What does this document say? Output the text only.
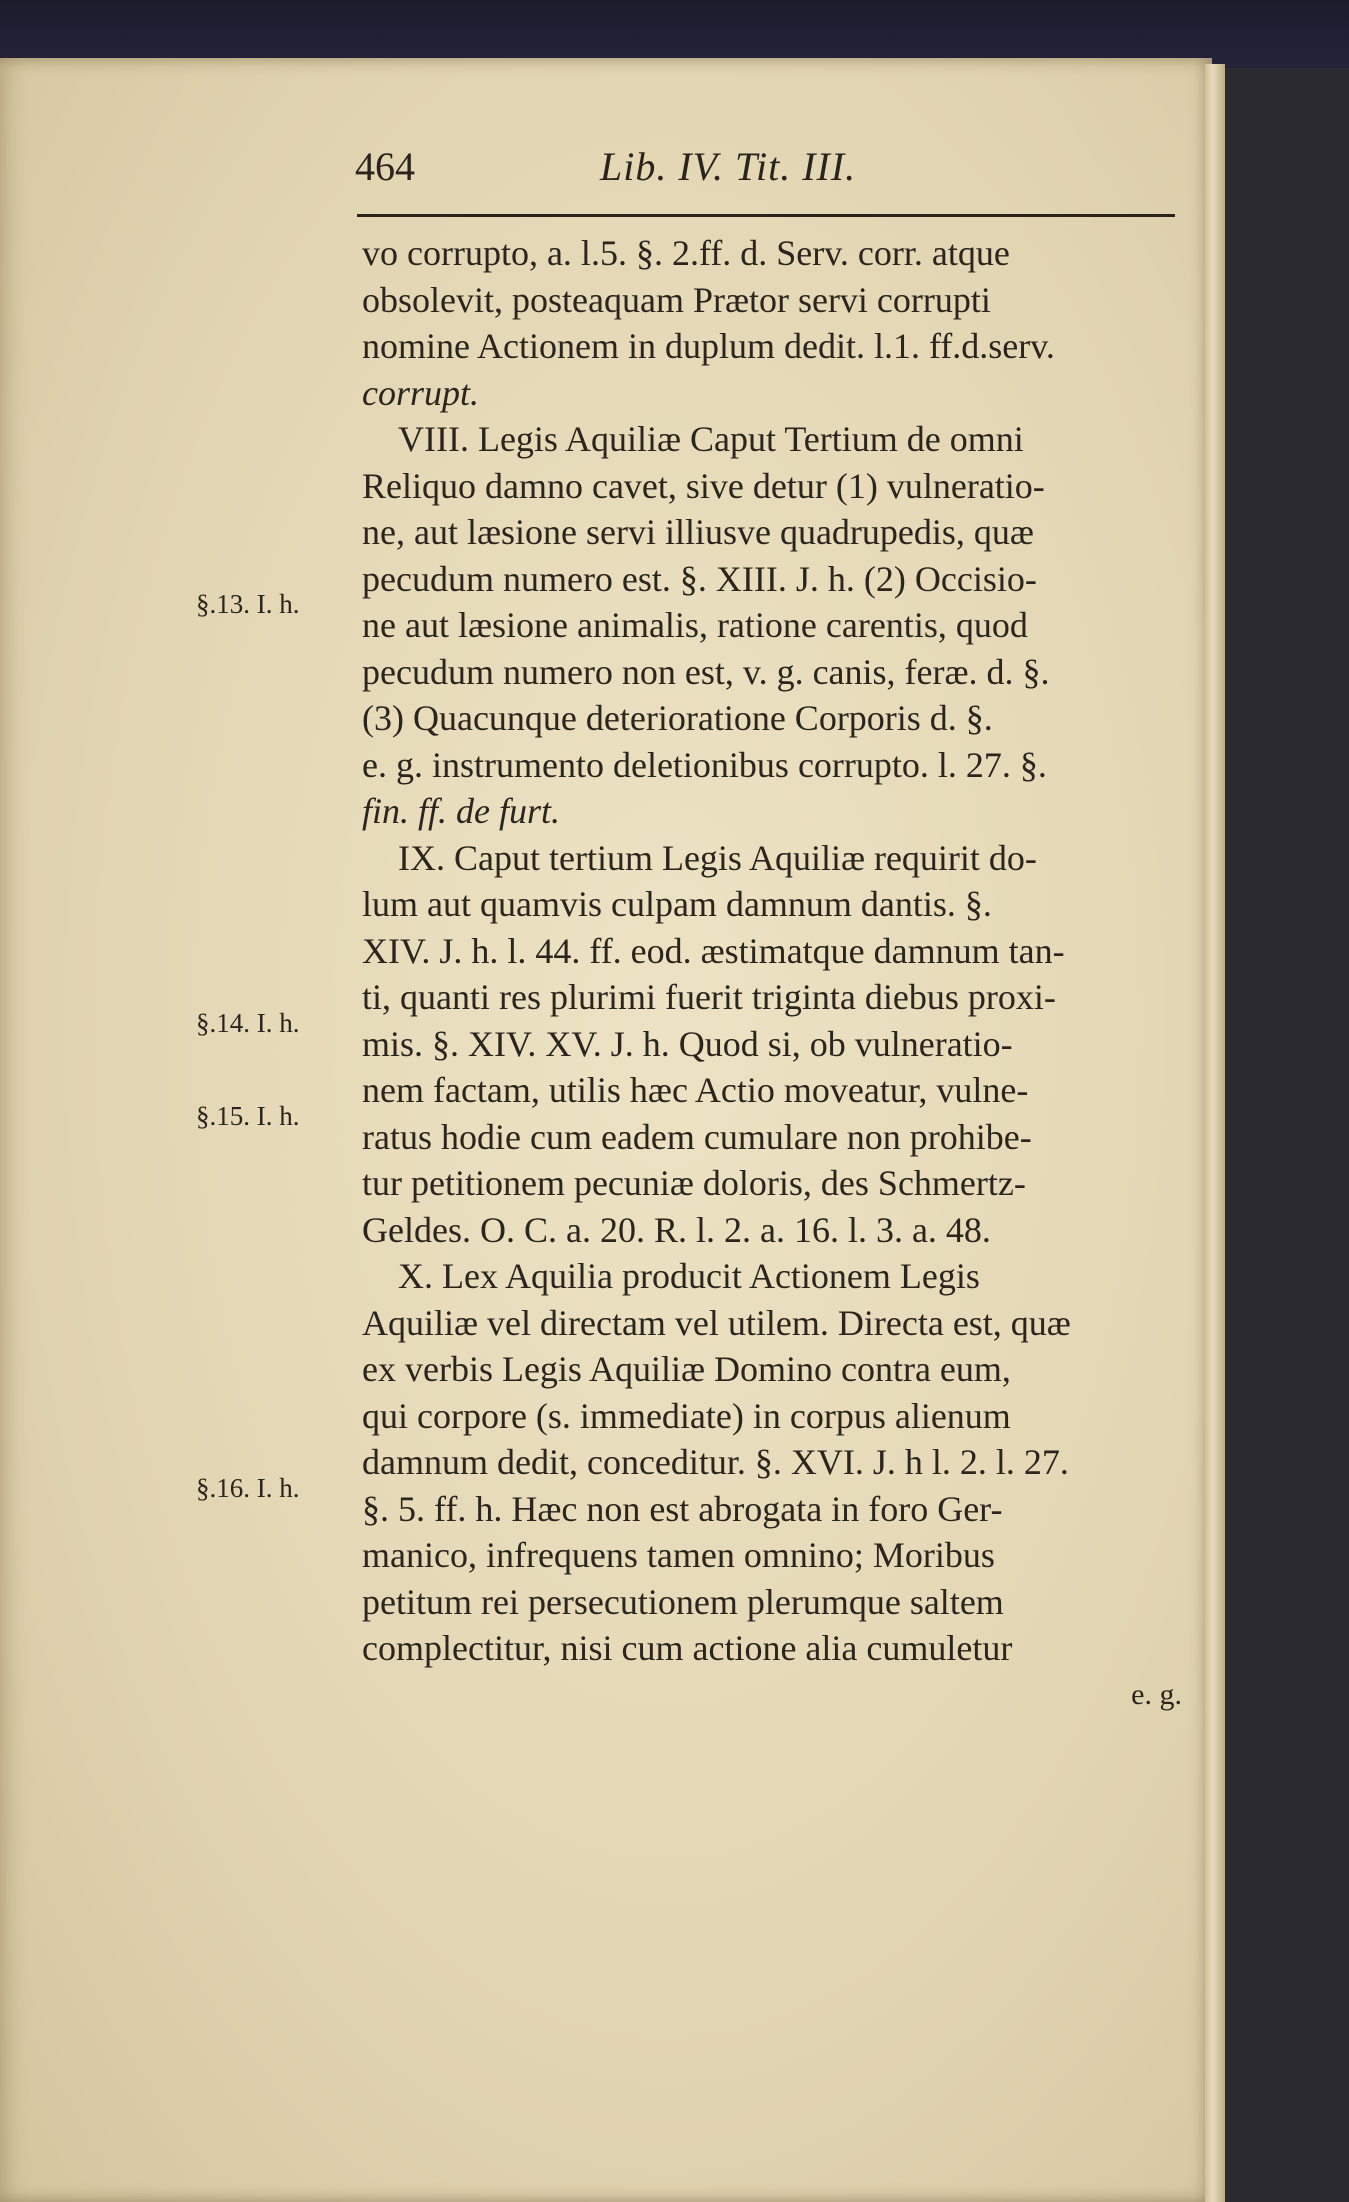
464	Lib. IV. Tit. III.
vo corrupto, a. l.5. §. 2.ff. d. Serv. corr. atque
obsolevit, posteaquam Prætor servi corrupti
nomine Actionem in duplum dedit. l.1. ff.d.serv.
corrupt.
VIII. Legis Aquiliæ Caput Tertium de omni
Reliquo damno cavet, sive detur (1) vulneratio-
ne, aut læsione servi illiusve quadrupedis, quæ
pecudum numero est. §. XIII. J. h. (2) Occisio-
ne aut læsione animalis, ratione carentis, quod
pecudum numero non est, v. g. canis, feræ. d. §.
(3) Quacunque deterioratione Corporis d. §.
e. g. instrumento deletionibus corrupto. l. 27. §.
fin. ff. de furt.
IX. Caput tertium Legis Aquiliæ requirit do-
lum aut quamvis culpam damnum dantis. §.
XIV. J. h. l. 44. ff. eod. æstimatque damnum tan-
ti, quanti res plurimi fuerit triginta diebus proxi-
mis. §. XIV. XV. J. h. Quod si, ob vulneratio-
nem factam, utilis hæc Actio moveatur, vulne-
ratus hodie cum eadem cumulare non prohibe-
tur petitionem pecuniæ doloris, des Schmertz-
Geldes. O. C. a. 20. R. l. 2. a. 16. l. 3. a. 48.
X. Lex Aquilia producit Actionem Legis
Aquiliæ vel directam vel utilem. Directa est, quæ
ex verbis Legis Aquiliæ Domino contra eum,
qui corpore (s. immediate) in corpus alienum
damnum dedit, conceditur. §. XVI. J. h l. 2. l. 27.
§. 5. ff. h. Hæc non est abrogata in foro Ger-
manico, infrequens tamen omnino; Moribus
petitum rei persecutionem plerumque saltem
complectitur, nisi cum actione alia cumuletur
e. g.
§.13. I. h.
§.14. I. h.
§.15. I. h.
§.16. I. h.
